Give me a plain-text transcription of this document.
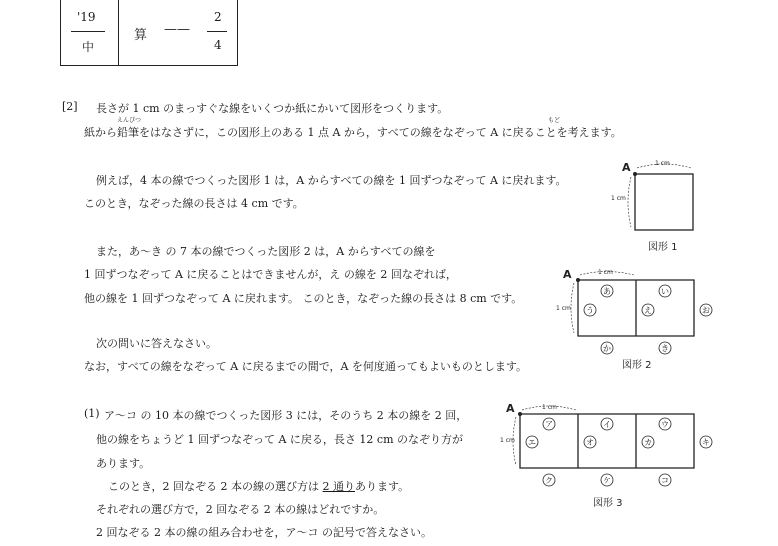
'19
中
算 ——
2
4
[2] 長さが 1 cm のまっすぐな線をいくつか紙にかいて図形をつくります。
えんぴつ	もど
紙から鉛筆をはなさずに，この図形上のある 1 点 A から，すべての線をなぞって A に戻ることを考えます。
例えば，4 本の線でつくった図形 1 は，A からすべての線を 1 回ずつなぞって A に戻れます。
このとき，なぞった線の長さは 4 cm です。
また，あ～き の 7 本の線でつくった図形 2 は，A からすべての線を
1 回ずつなぞって A に戻ることはできませんが，え の線を 2 回なぞれば，
他の線を 1 回ずつなぞって A に戻れます。 このとき，なぞった線の長さは 8 cm です。
次の問いに答えなさい。
なお，すべての線をなぞって A に戻るまでの間で，A を何度通ってもよいものとします。
(1) ア～コ の 10 本の線でつくった図形 3 には，そのうち 2 本の線を 2 回，
他の線をちょうど 1 回ずつなぞって A に戻る，長さ 12 cm のなぞり方が
あります。
このとき，2 回なぞる 2 本の線の選び方は 2 通りあります。
それぞれの選び方で，2 回なぞる 2 本の線はどれですか。
2 回なぞる 2 本の線の組み合わせを，ア～コ の記号で答えなさい。
A	1 cm
1 cm
図形 1
A	1 cm
1 cm
あ	い
う	え	お
か	き
図形 2
A	1 cm
1 cm
ア	イ	ウ
エ	オ	カ	キ
ク	ケ	コ
図形 3
